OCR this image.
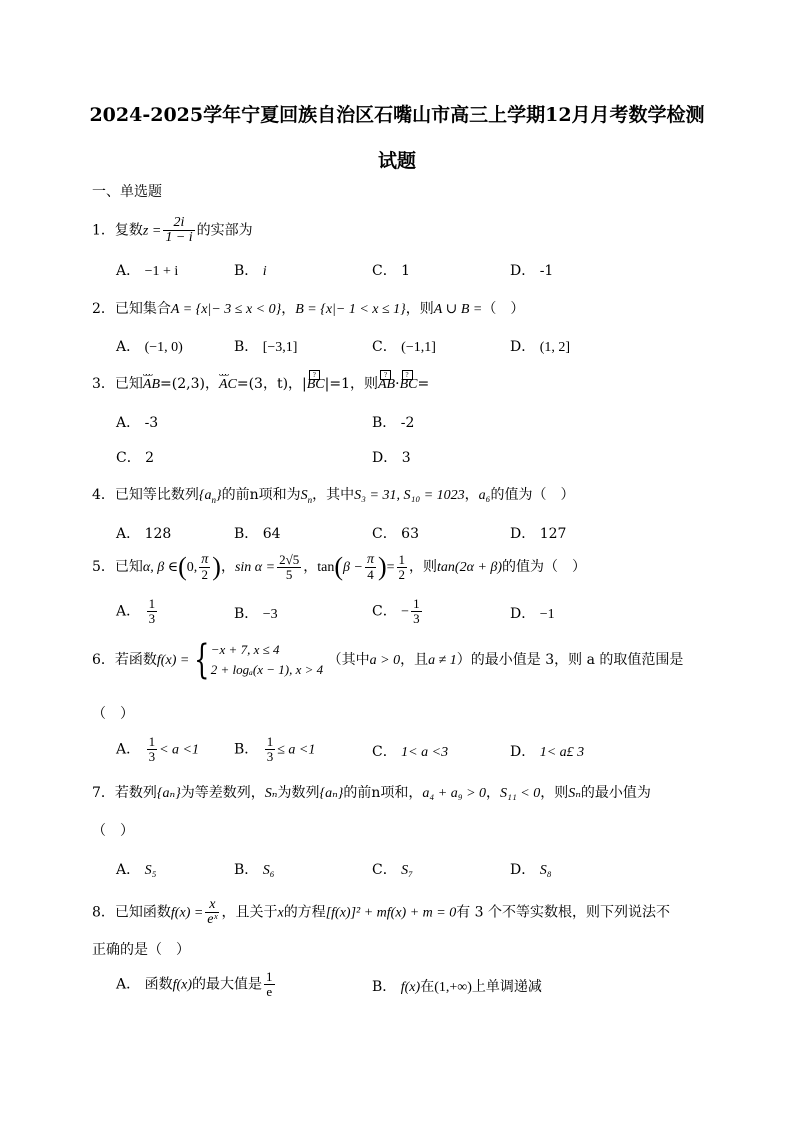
2024-2025学年宁夏回族自治区石嘴山市高三上学期12月月考数学检测
试题
一、单选题
1．复数$z = \frac{2i}{1 - i}$ 的实部为
A． −1 + i	B． i	C． 1	D． -1
2．已知集合A = {x|− 3 ≤ x < 0}，B = {x|− 1 < x ≤ 1}，则A ∪ B =（　）
A． (−1, 0)	B． [−3,1]	C． (−1,1]	D． (1, 2]
3．已知
ᴗᴗᴗ
AB=(2,3)，
ᴗᴗᴗ
AC=(3，t)，|
?
BC|=1，则
?
AB·
?
BC=
A． -3	B． -2
C． 2	D． 3
4．已知等比数列$\{a_n\}$的前n项和为$S_n$，其中S₃ = 31, S₁₀ = 1023，a₆的值为（　）
A． 128	B． 64	C． 63	D． 127
5．已知α, β ∈(0, $\frac{\pi}{2}$ )，$\sin \alpha = \frac{2√5}{5}$ ，$\tan(\beta - \frac{\pi}{4}$ )= $\frac{1}{2}$ ，则tan(2α + β)的值为（　）
A． $\frac{1}{3}$	B． −3	C． − $\frac{1}{3}$	D． −1
6．若函数f(x) = { −x + 7, x ≤ 4
2 + logₐ(x − 1), x > 4
（其中a > 0，且a ≠ 1）的最小值是 3，则 a 的取值范围是
（　）
A． $\frac{1}{3} < a <1$	B． $\frac{1}{3} \le a <1$	C． 1< a <3	D． 1< a£ 3
7．若数列{aₙ}为等差数列，Sₙ为数列{aₙ}的前n项和，a₄ + a₉ > 0，S₁₁ < 0，则Sₙ的最小值为
（　）
A． S₅	B． S₆	C． S₇	D． S₈
8．已知函数$f(x) = \frac{x}{\text{eˣ}}$ ，且关于x的方程[f(x)]² + mf(x) + m = 0有 3 个不等实数根，则下列说法不
正确的是（　）
A． 函数f(x)的最大值是 $\frac{1}{e}$	B． f(x)在(1,+∞)上单调递减
